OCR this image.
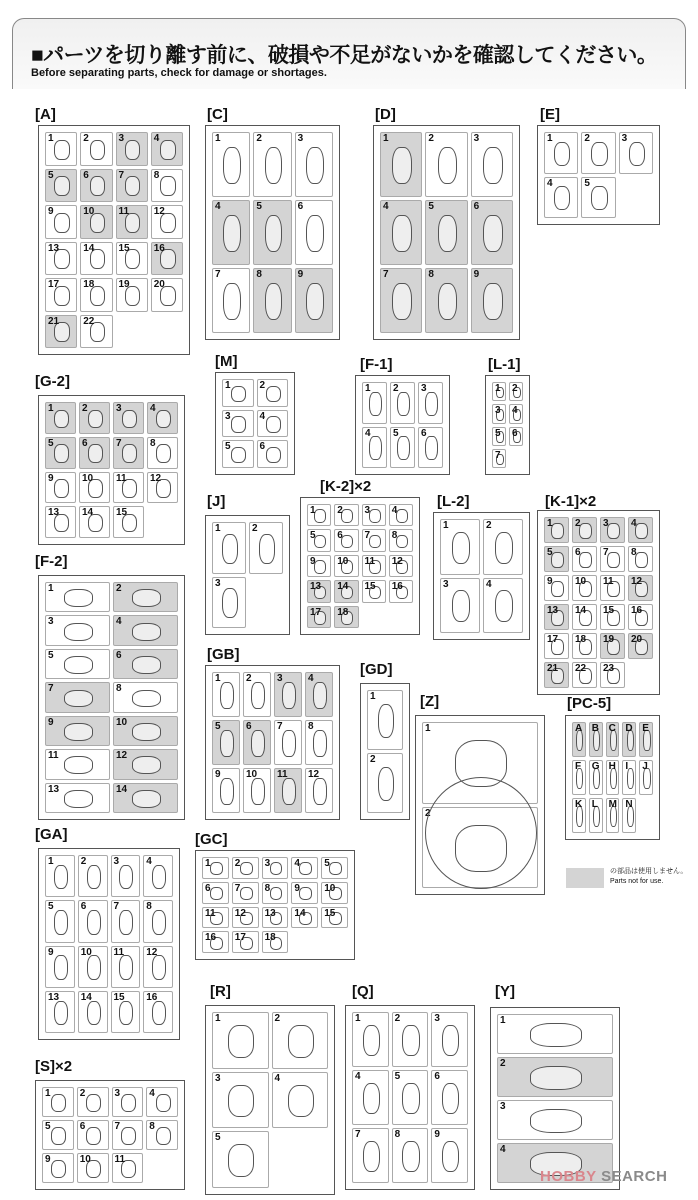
■パーツを切り離す前に、破損や不足がないかを確認してください。
Before separating parts, check for damage or shortages.
[A]
1	2	3	4
5	6	7	8
9	10 11 12
13 14 15 16
17 18 19 20
21 22
[C]
1	2	3
4	5	6
7	8	9
[D]
1	2	3
4	5	6
7	8	9
[E]
1	2	3
4	5
[M]
1	2
3	4
5	6
[F-1]
1 2 3
4 5 6
[L-1]
1 2
3 4
5 6
7
[G-2]
1	2	3	4
5	6	7	8
9	10 11 12
13 14 15
[J]
1	2
3
[K-2]×2
1 2 3 4
5 6 7 8
9 10 11 12
13 14 15 16
17 18
[L-2]
1	2
3	4
[K-1]×2
1 2 3 4
5 6 7 8
9 10 11 12
13 14 15 16
17 18 19 20
21 22 23
[F-2]
1	2
3	4
5	6
7	8
9	10
11	12
13	14
[GB]
1	2	3	4
5	6	7	8
9	10 11 12
[GD]
1
2
[Z]
1
2
[PC-5]
A B C D E
F G H I J
K L M N
[GA]
1	2	3	4
5	6	7	8
9	10 11 12
13 14 15 16
[GC]
1 2 3 4 5
6 7 8 9 10
11 12 13 14 15
16 17 18
[R]
1	2
3	4
5
[Q]
1	2	3
4	5	6
7	8	9
[Y]
1
2
3
4
[S]×2
1	2	3	4
5	6	7	8
9	10 11
の部品は使用しません。
Parts not for use.
HOBBY SEARCH
